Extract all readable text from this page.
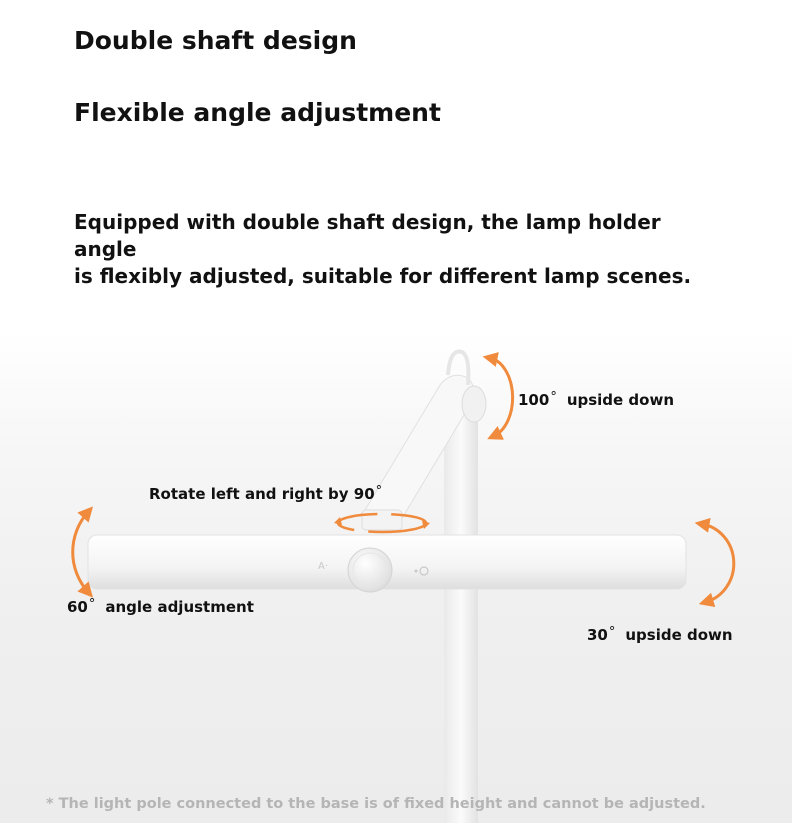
Double shaft design
Flexible angle adjustment

Equipped with double shaft design, the lamp holder angle
is flexibly adjusted, suitable for different lamp scenes.

A·
100° upside down
Rotate left and right by 90°
60° angle adjustment
30° upside down
* The light pole connected to the base is of fixed height and cannot be adjusted.
